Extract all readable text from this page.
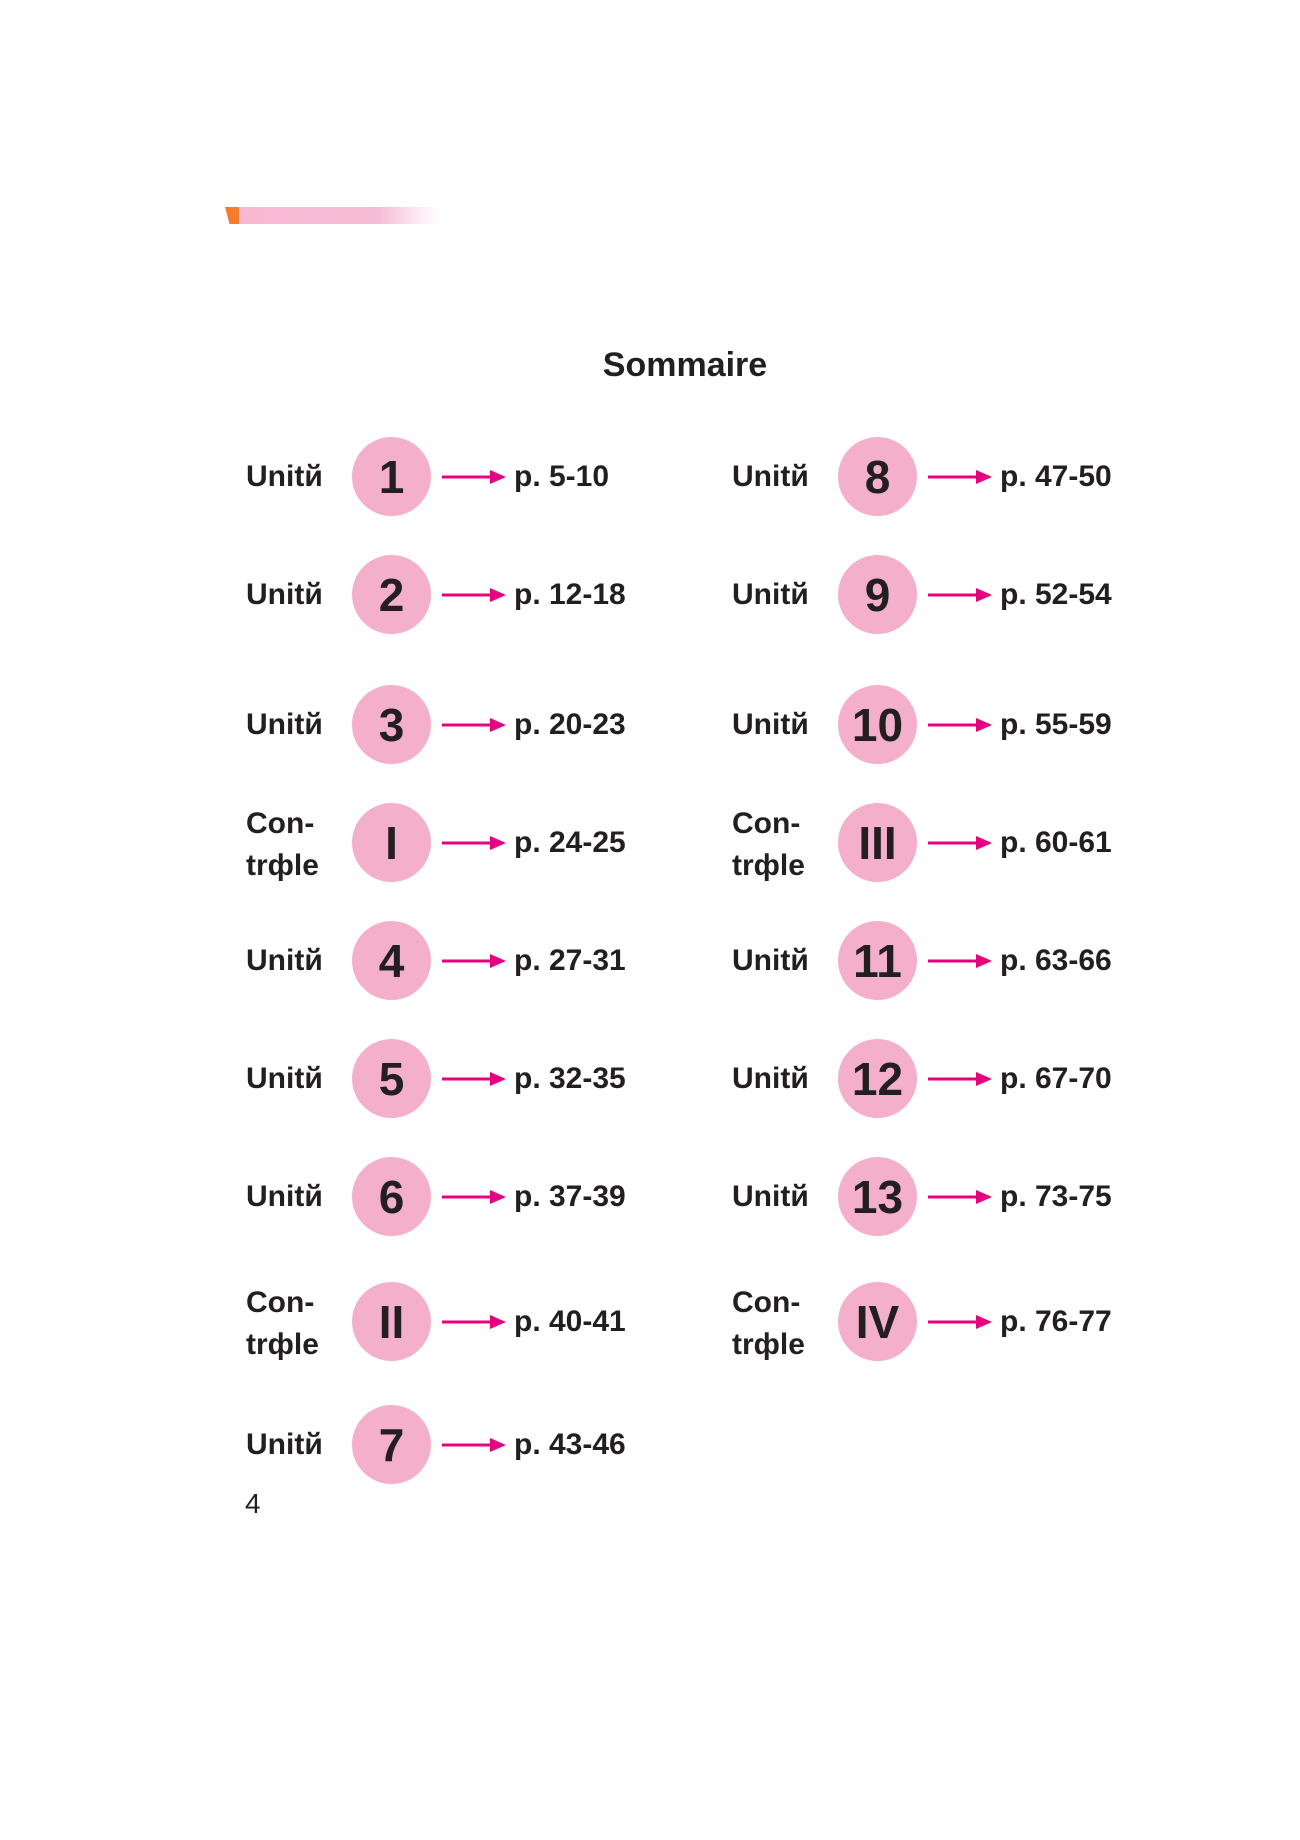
Sommaire
Unitй	1	p. 5-10
Unitй	2	p. 12-18
Unitй	3	p. 20-23
Con-
trфle	I	p. 24-25
Unitй	4	p. 27-31
Unitй	5	p. 32-35
Unitй	6	p. 37-39
Con-
trфle	II	p. 40-41
Unitй	7	p. 43-46
Unitй	8	p. 47-50
Unitй	9	p. 52-54
Unitй 10	p. 55-59
Con-
trфle	III	p. 60-61
Unitй 11	p. 63-66
Unitй 12	p. 67-70
Unitй 13	p. 73-75
Con-
trфle	IV	p. 76-77
4
